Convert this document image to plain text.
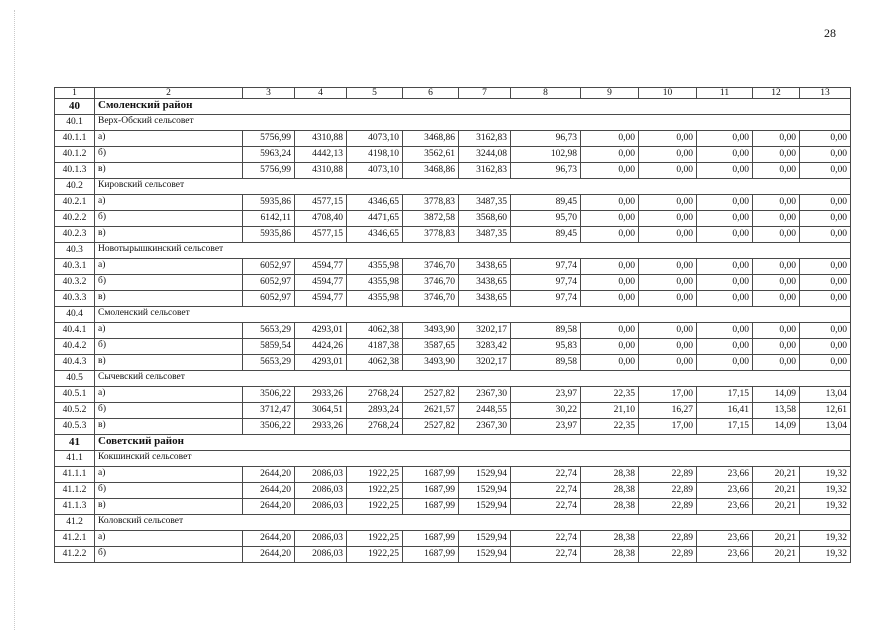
28
1	2	3	4	5	6	7	8	9	10	11	12	13
40	Смоленский район											
40.1	Верх-Обский сельсовет											
40.1.1	а)	5756,99	4310,88	4073,10	3468,86	3162,83	96,73	0,00	0,00	0,00	0,00	0,00
40.1.2	б)	5963,24	4442,13	4198,10	3562,61	3244,08	102,98	0,00	0,00	0,00	0,00	0,00
40.1.3	в)	5756,99	4310,88	4073,10	3468,86	3162,83	96,73	0,00	0,00	0,00	0,00	0,00
40.2	Кировский сельсовет											
40.2.1	а)	5935,86	4577,15	4346,65	3778,83	3487,35	89,45	0,00	0,00	0,00	0,00	0,00
40.2.2	б)	6142,11	4708,40	4471,65	3872,58	3568,60	95,70	0,00	0,00	0,00	0,00	0,00
40.2.3	в)	5935,86	4577,15	4346,65	3778,83	3487,35	89,45	0,00	0,00	0,00	0,00	0,00
40.3	Новотырышкинский сельсовет											
40.3.1	а)	6052,97	4594,77	4355,98	3746,70	3438,65	97,74	0,00	0,00	0,00	0,00	0,00
40.3.2	б)	6052,97	4594,77	4355,98	3746,70	3438,65	97,74	0,00	0,00	0,00	0,00	0,00
40.3.3	в)	6052,97	4594,77	4355,98	3746,70	3438,65	97,74	0,00	0,00	0,00	0,00	0,00
40.4	Смоленский сельсовет											
40.4.1	а)	5653,29	4293,01	4062,38	3493,90	3202,17	89,58	0,00	0,00	0,00	0,00	0,00
40.4.2	б)	5859,54	4424,26	4187,38	3587,65	3283,42	95,83	0,00	0,00	0,00	0,00	0,00
40.4.3	в)	5653,29	4293,01	4062,38	3493,90	3202,17	89,58	0,00	0,00	0,00	0,00	0,00
40.5	Сычевский сельсовет											
40.5.1	а)	3506,22	2933,26	2768,24	2527,82	2367,30	23,97	22,35	17,00	17,15	14,09	13,04
40.5.2	б)	3712,47	3064,51	2893,24	2621,57	2448,55	30,22	21,10	16,27	16,41	13,58	12,61
40.5.3	в)	3506,22	2933,26	2768,24	2527,82	2367,30	23,97	22,35	17,00	17,15	14,09	13,04
41	Советский район											
41.1	Кокшинский сельсовет											
41.1.1	а)	2644,20	2086,03	1922,25	1687,99	1529,94	22,74	28,38	22,89	23,66	20,21	19,32
41.1.2	б)	2644,20	2086,03	1922,25	1687,99	1529,94	22,74	28,38	22,89	23,66	20,21	19,32
41.1.3	в)	2644,20	2086,03	1922,25	1687,99	1529,94	22,74	28,38	22,89	23,66	20,21	19,32
41.2	Коловский сельсовет											
41.2.1	а)	2644,20	2086,03	1922,25	1687,99	1529,94	22,74	28,38	22,89	23,66	20,21	19,32
41.2.2	б)	2644,20	2086,03	1922,25	1687,99	1529,94	22,74	28,38	22,89	23,66	20,21	19,32
